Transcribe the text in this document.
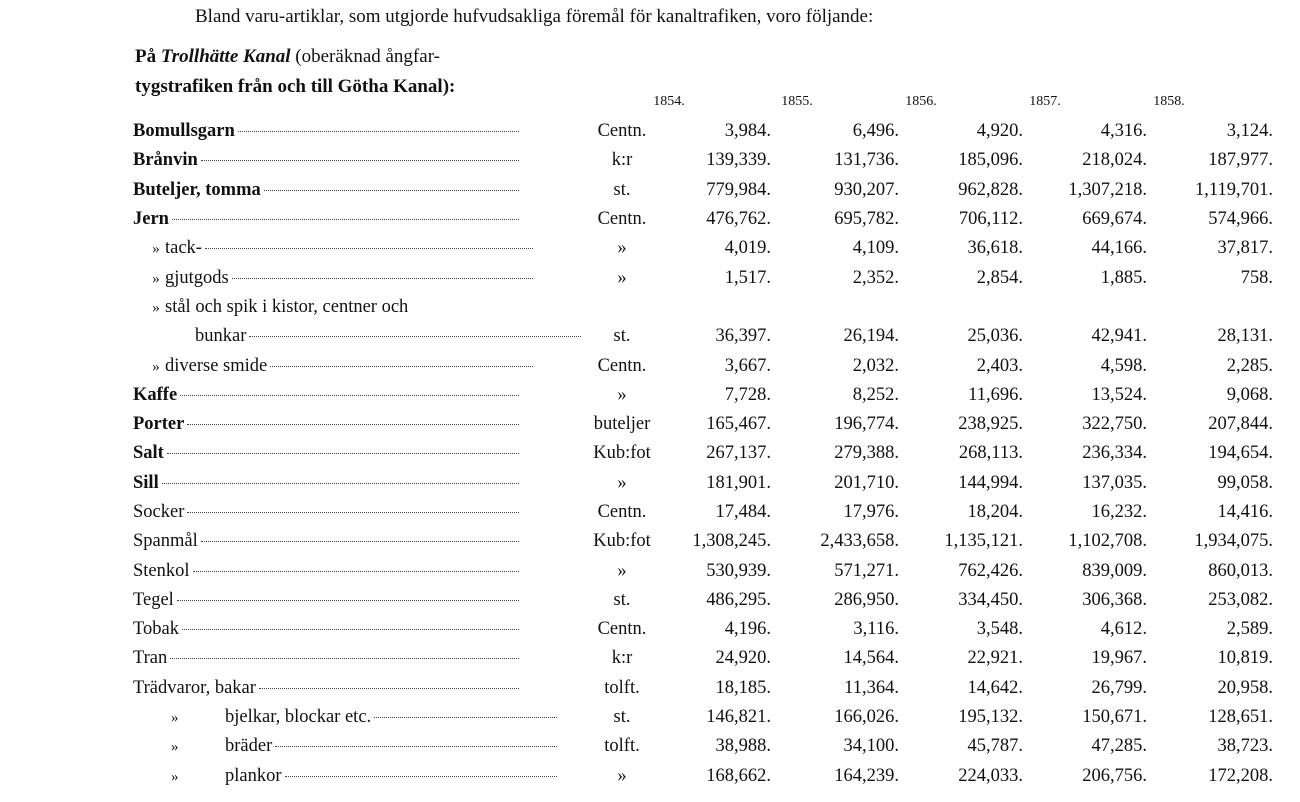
Bland varu-artiklar, som utgjorde hufvudsakliga föremål för kanaltrafiken, voro följande:
På Trollhätte Kanal (oberäknad ångfar-
tygstrafiken från och till Götha Kanal):
1854.	1855.	1856.	1857.	1858.
Bomullsgarn	Centn.	3,984.	6,496.	4,920.	4,316.	3,124.

Brånvin	k:r	139,339.	131,736.	185,096.	218,024.	187,977.

Buteljer, tomma	st.	779,984.	930,207.	962,828.	1,307,218.	1,119,701.

Jern	Centn.	476,762.	695,782.	706,112.	669,674.	574,966.

» tack-	»	4,019.	4,109.	36,618.	44,166.	37,817.

» gjutgods	»	1,517.	2,352.	2,854.	1,885.	758.

» stål och spik i kistor, centner och						

bunkar	st.	36,397.	26,194.	25,036.	42,941.	28,131.

» diverse smide	Centn.	3,667.	2,032.	2,403.	4,598.	2,285.

Kaffe	»	7,728.	8,252.	11,696.	13,524.	9,068.

Porter	buteljer	165,467.	196,774.	238,925.	322,750.	207,844.

Salt	Kub:fot	267,137.	279,388.	268,113.	236,334.	194,654.

Sill	»	181,901.	201,710.	144,994.	137,035.	99,058.

Socker	Centn.	17,484.	17,976.	18,204.	16,232.	14,416.

Spanmål	Kub:fot	1,308,245.	2,433,658.	1,135,121.	1,102,708.	1,934,075.

Stenkol	»	530,939.	571,271.	762,426.	839,009.	860,013.

Tegel	st.	486,295.	286,950.	334,450.	306,368.	253,082.

Tobak	Centn.	4,196.	3,116.	3,548.	4,612.	2,589.

Tran	k:r	24,920.	14,564.	22,921.	19,967.	10,819.

Trädvaror, bakar	tolft.	18,185.	11,364.	14,642.	26,799.	20,958.

» bjelkar, blockar etc.	st.	146,821.	166,026.	195,132.	150,671.	128,651.

» bräder	tolft.	38,988.	34,100.	45,787.	47,285.	38,723.

» plankor	»	168,662.	164,239.	224,033.	206,756.	172,208.
